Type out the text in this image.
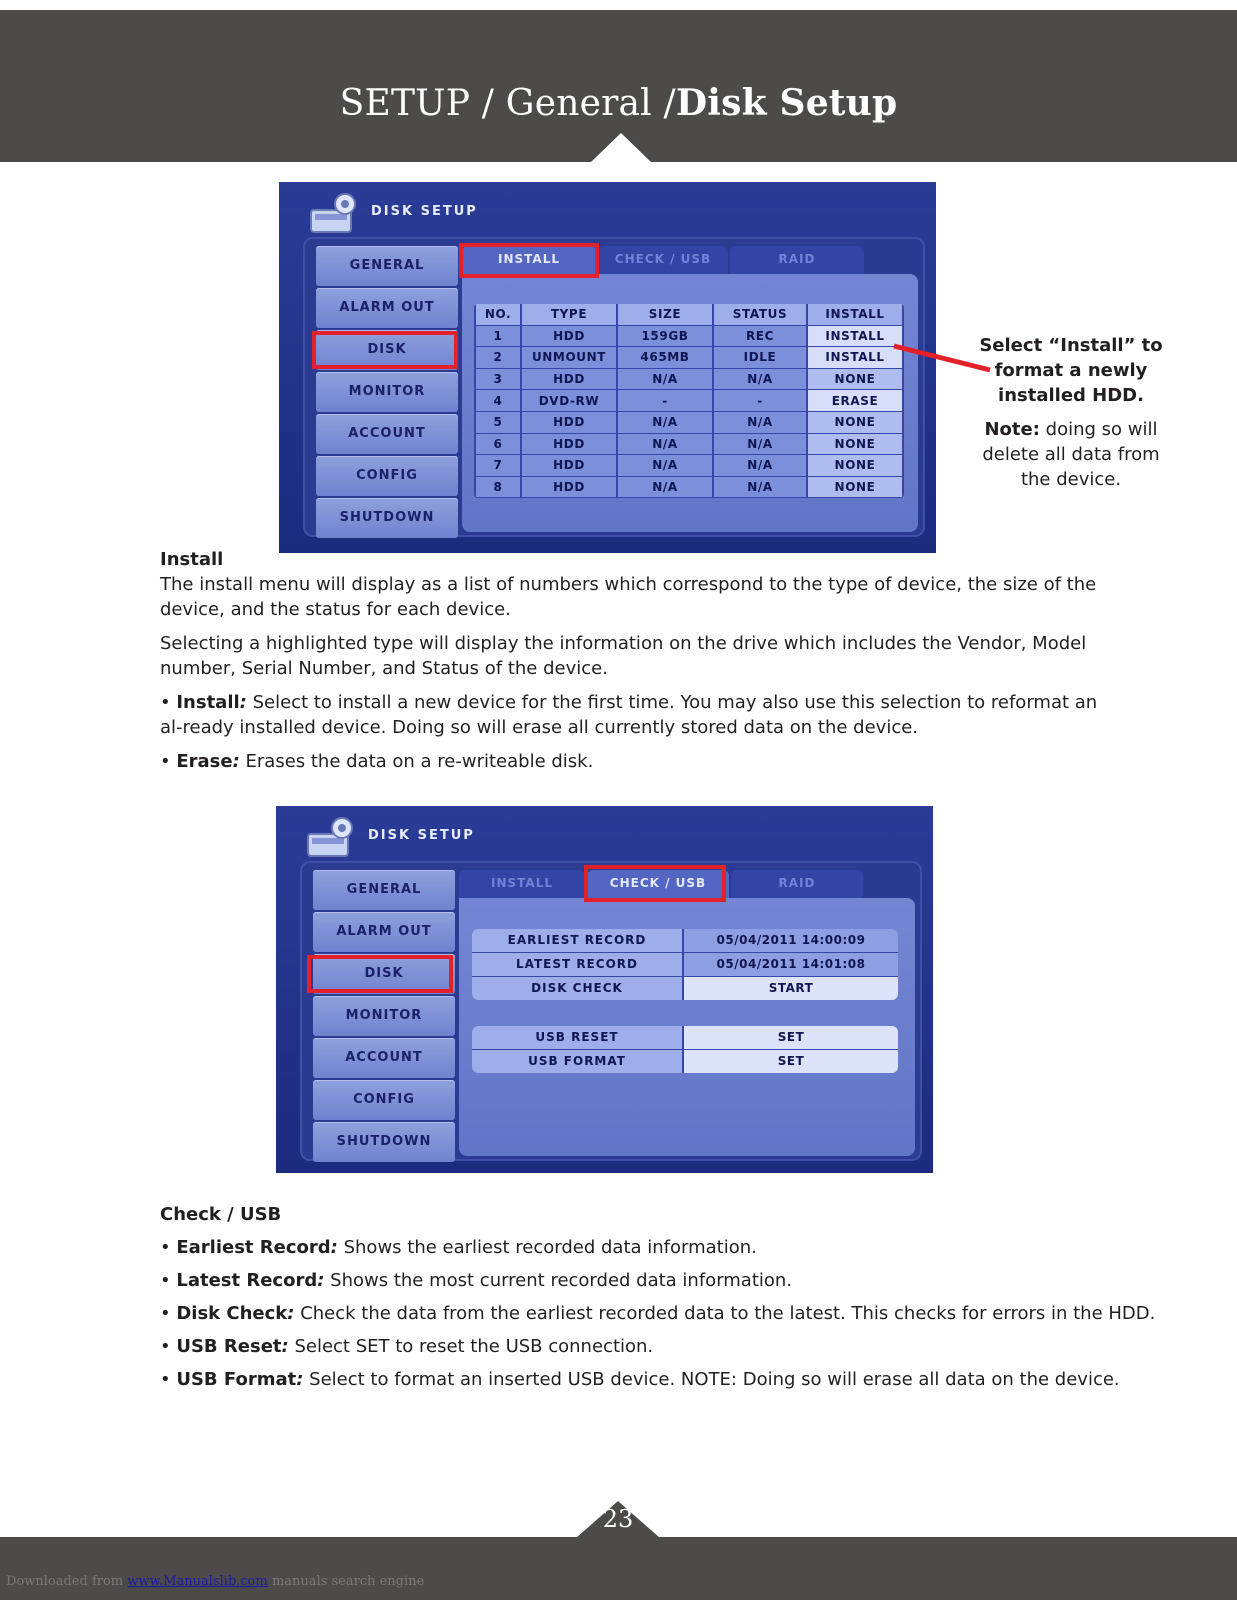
SETUP / General /Disk Setup
DISK SETUP
GENERAL
ALARM OUT
DISK
MONITOR
ACCOUNT
CONFIG
SHUTDOWN
INSTALL	CHECK / USB	RAID
NO.	TYPE	SIZE	STATUS	INSTALL
1	HDD	159GB	REC	INSTALL
2	UNMOUNT	465MB	IDLE	INSTALL
3	HDD	N/A	N/A	NONE
4	DVD-RW	-	-	ERASE
5	HDD	N/A	N/A	NONE
6	HDD	N/A	N/A	NONE
7	HDD	N/A	N/A	NONE
8	HDD	N/A	N/A	NONE
Select “Install” to format a newly installed HDD.
Note: doing so will delete all data from the device.
Install
The install menu will display as a list of numbers which correspond to the type of device, the size of the device, and the status for each device.
Selecting a highlighted type will display the information on the drive which includes the Vendor, Model number, Serial Number, and Status of the device.
• Install: Select to install a new device for the first time. You may also use this selection to reformat an al-ready installed device. Doing so will erase all currently stored data on the device.
• Erase: Erases the data on a re-writeable disk.
DISK SETUP
GENERAL
ALARM OUT
DISK
MONITOR
ACCOUNT
CONFIG
SHUTDOWN
INSTALL	CHECK / USB	RAID
EARLIEST RECORD	05/04/2011 14:00:09
LATEST RECORD	05/04/2011 14:01:08
DISK CHECK	START
USB RESET	SET
USB FORMAT	SET
Check / USB
• Earliest Record: Shows the earliest recorded data information.
• Latest Record: Shows the most current recorded data information.
• Disk Check: Check the data from the earliest recorded data to the latest. This checks for errors in the HDD.
• USB Reset: Select SET to reset the USB connection.
• USB Format: Select to format an inserted USB device. NOTE: Doing so will erase all data on the device.
23
Downloaded from www.Manualslib.com manuals search engine
